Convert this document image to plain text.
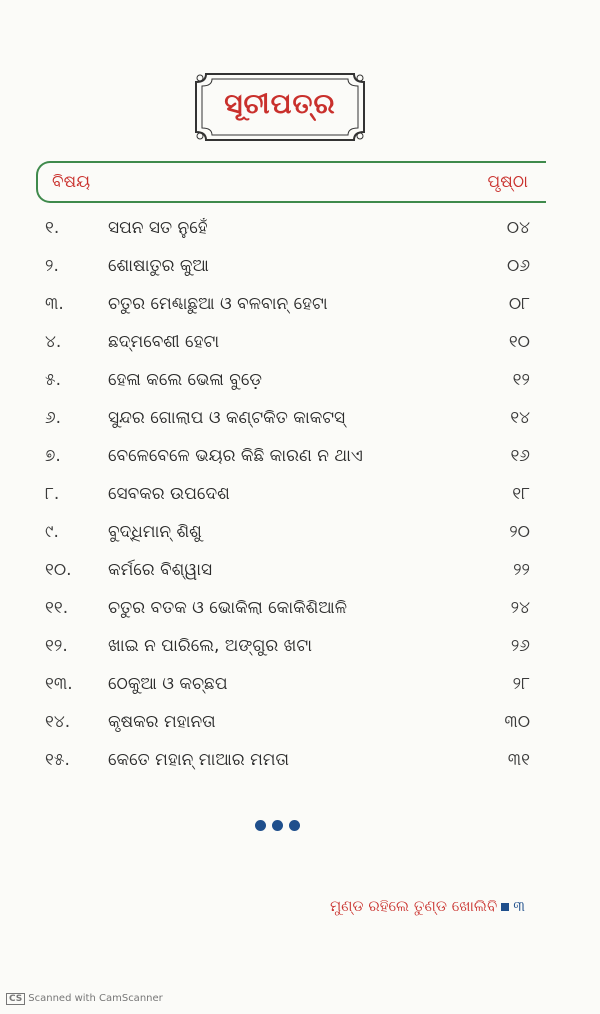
ସୂଚୀପତ୍ର
ବିଷୟ	ପୃଷ୍ଠା
୧.	ସପନ ସତ ନୁହେଁ	୦୪
୨.	ଶୋଷାତୁର କୁଆ	୦୬
୩.	ଚତୁର ମେଣ୍ଢାଛୁଆ ଓ ବଳବାନ୍ ହେଟା	୦୮
୪.	ଛଦ୍ମବେଶୀ ହେଟା	୧୦
୫.	ହେଳା କଲେ ଭେଳା ବୁଡ଼େ	୧୨
୬.	ସୁନ୍ଦର ଗୋଲାପ ଓ କଣ୍ଟକିତ କାକଟସ୍	୧୪
୭.	ବେଳେବେଳେ ଭୟର କିଛି କାରଣ ନ ଥାଏ	୧୬
୮.	ସେବକର ଉପଦେଶ	୧୮
୯.	ବୁଦ୍ଧିମାନ୍ ଶିଶୁ	୨୦
୧୦. କର୍ମରେ ବିଶ୍ୱାସ	୨୨
୧୧. ଚତୁର ବତକ ଓ ଭୋକିଲା କୋକିଶିଆଳି	୨୪
୧୨. ଖାଇ ନ ପାରିଲେ, ଅଙ୍ଗୁର ଖଟା	୨୬
୧୩. ଠେକୁଆ ଓ କଚ୍ଛପ	୨୮
୧୪. କୃଷକର ମହାନତା	୩୦
୧୫. କେତେ ମହାନ୍ ମାଆର ମମତା	୩୧
ମୁଣ୍ଡ ରହିଲେ ତୁଣ୍ଡ ଖୋଲିବି ୩
CS Scanned with CamScanner
